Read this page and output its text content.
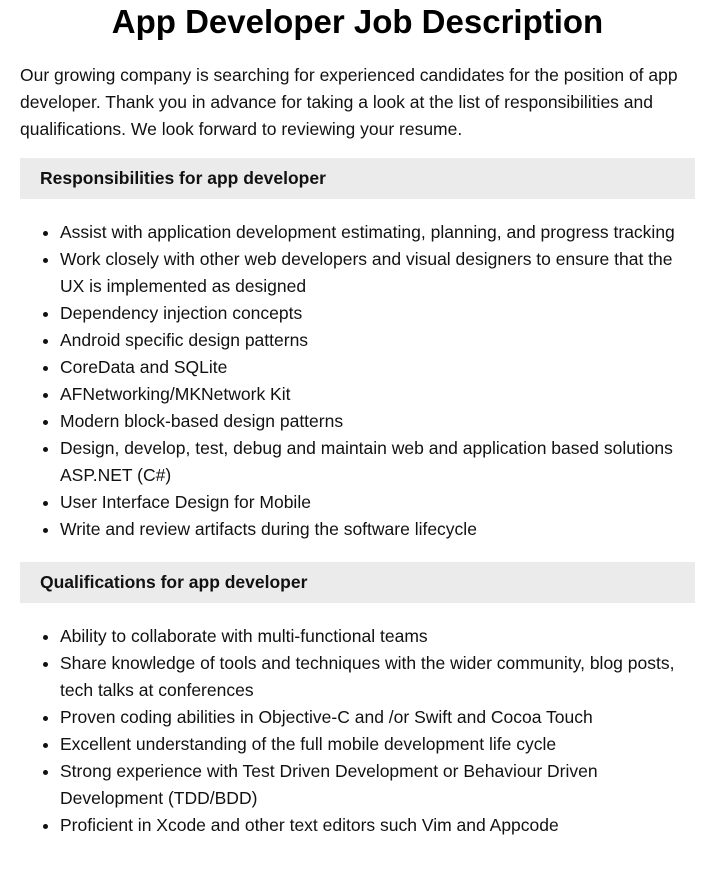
App Developer Job Description

Our growing company is searching for experienced candidates for the position of app developer. Thank you in advance for taking a look at the list of responsibilities and qualifications. We look forward to reviewing your resume.

Responsibilities for app developer
• Assist with application development estimating, planning, and progress tracking
• Work closely with other web developers and visual designers to ensure that the UX is implemented as designed
• Dependency injection concepts
• Android specific design patterns
• CoreData and SQLite
• AFNetworking/MKNetwork Kit
• Modern block-based design patterns
• Design, develop, test, debug and maintain web and application based solutions ASP.NET (C#)
• User Interface Design for Mobile
• Write and review artifacts during the software lifecycle
Qualifications for app developer
• Ability to collaborate with multi-functional teams
• Share knowledge of tools and techniques with the wider community, blog posts, tech talks at conferences
• Proven coding abilities in Objective-C and /or Swift and Cocoa Touch
• Excellent understanding of the full mobile development life cycle
• Strong experience with Test Driven Development or Behaviour Driven Development (TDD/BDD)
• Proficient in Xcode and other text editors such Vim and Appcode
